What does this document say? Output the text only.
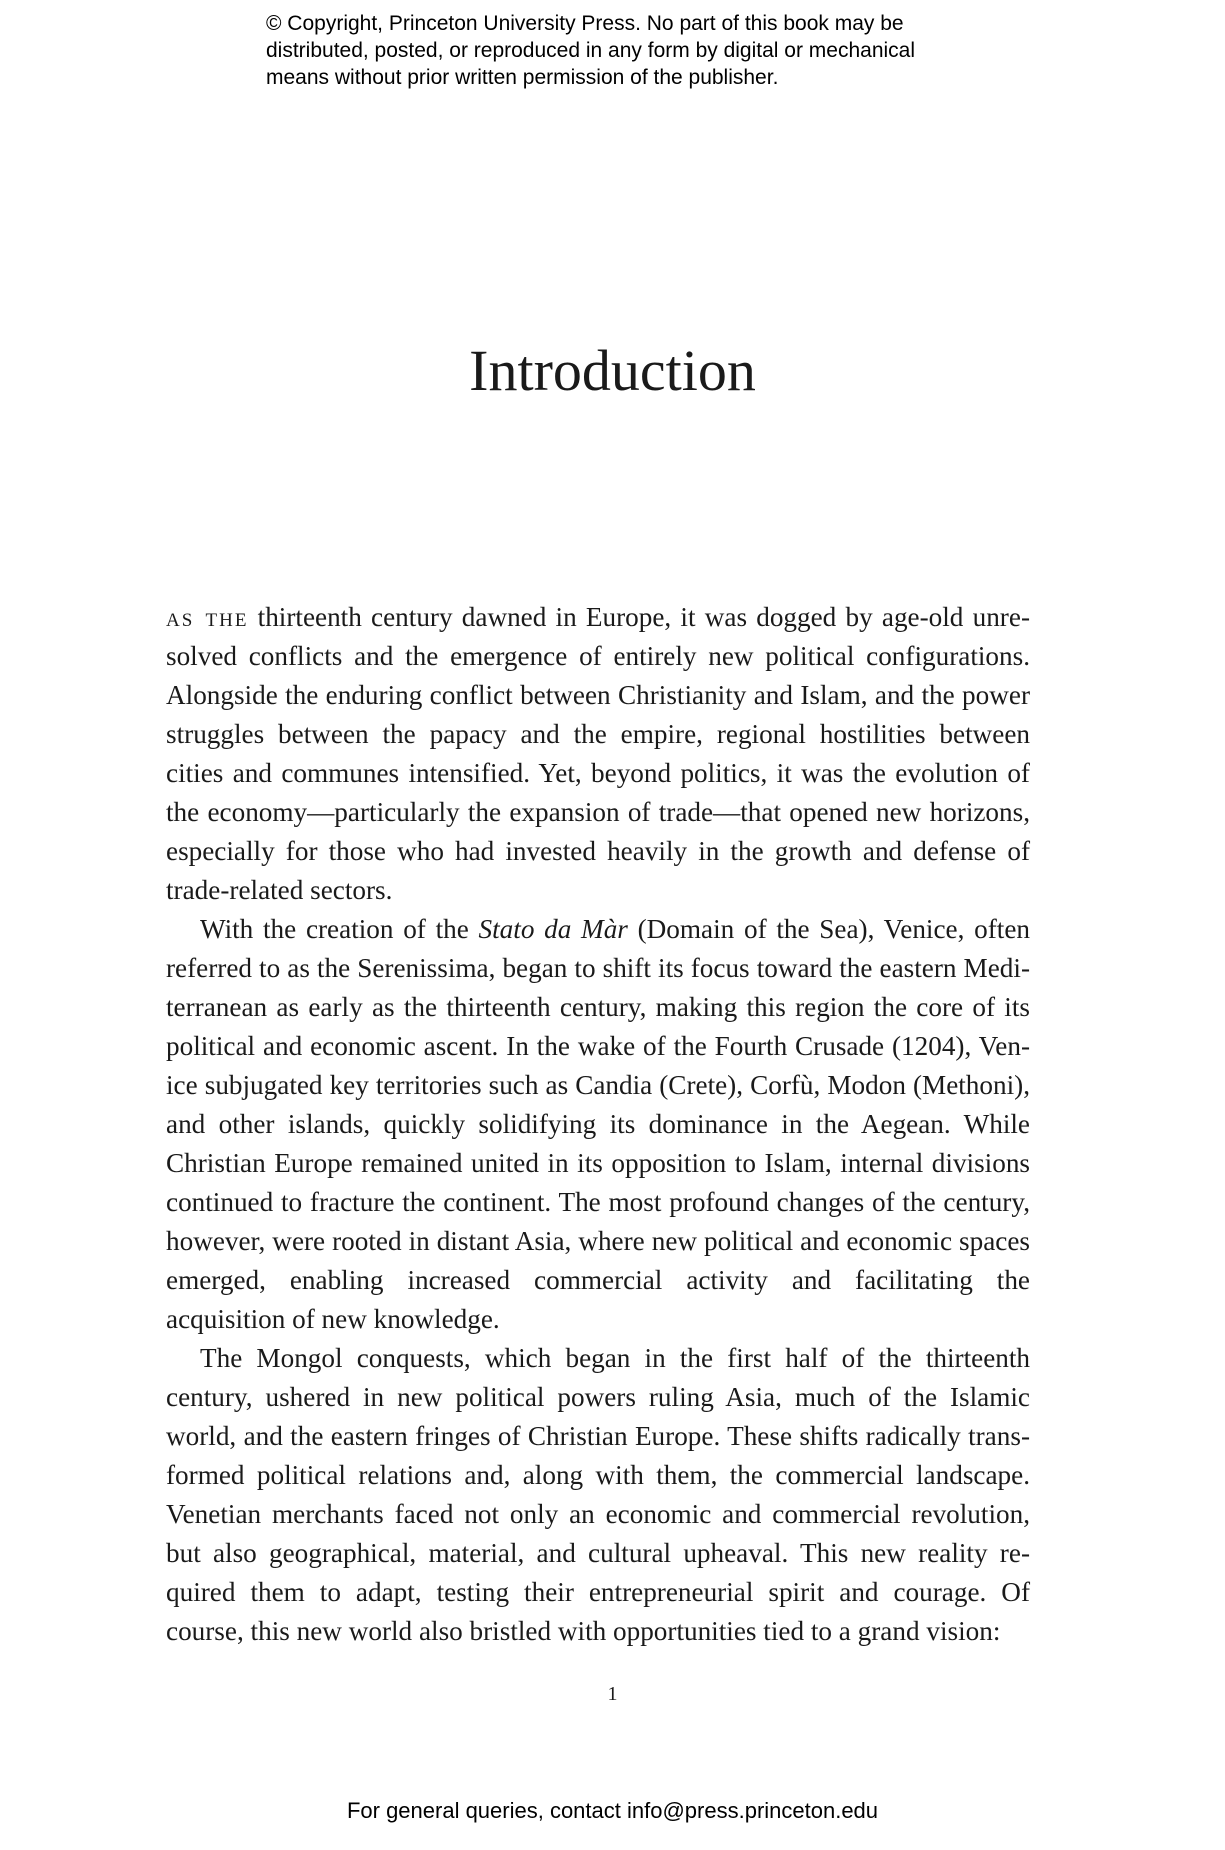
© Copyright, Princeton University Press. No part of this book may be
distributed, posted, or reproduced in any form by digital or mechanical
means without prior written permission of the publisher.
Introduction

as the thirteenth century dawned in Europe, it was dogged by age-old unresolved conflicts and the emergence of entirely new political configurations. Alongside the enduring conflict between Christianity and Islam, and the power struggles between the papacy and the empire, regional hostilities between cities and communes intensified. Yet, beyond politics, it was the evolution of the economy—particularly the expansion of trade—that opened new horizons, especially for those who had invested heavily in the growth and defense of trade-related sectors.

With the creation of the Stato da Màr (Domain of the Sea), Venice, often referred to as the Serenissima, began to shift its focus toward the eastern Mediterranean as early as the thirteenth century, making this region the core of its political and economic ascent. In the wake of the Fourth Crusade (1204), Venice subjugated key territories such as Candia (Crete), Corfù, Modon (Methoni), and other islands, quickly solidifying its dominance in the Aegean. While Christian Europe remained united in its opposition to Islam, internal divisions continued to fracture the continent. The most profound changes of the century, however, were rooted in distant Asia, where new political and economic spaces emerged, enabling increased commercial activity and facilitating the acquisition of new knowledge.

The Mongol conquests, which began in the first half of the thirteenth century, ushered in new political powers ruling Asia, much of the Islamic world, and the eastern fringes of Christian Europe. These shifts radically transformed political relations and, along with them, the commercial landscape. Venetian merchants faced not only an economic and commercial revolution, but also geographical, material, and cultural upheaval. This new reality required them to adapt, testing their entrepreneurial spirit and courage. Of course, this new world also bristled with opportunities tied to a grand vision:

1
For general queries, contact info@press.princeton.edu
